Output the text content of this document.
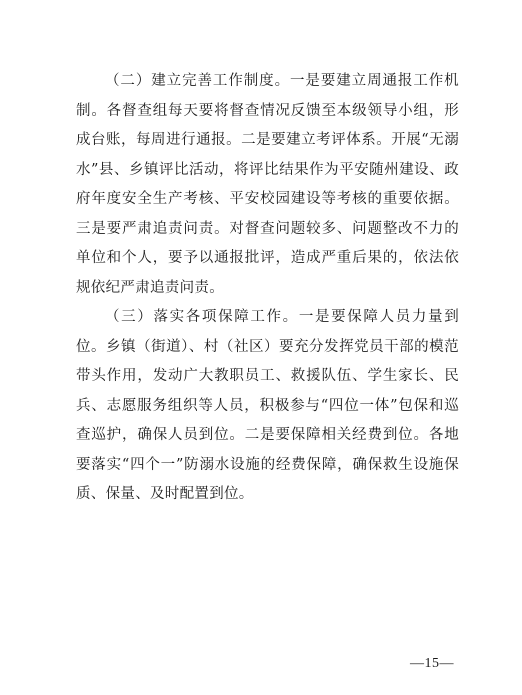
（二）建立完善工作制度。一是要建立周通报工作机制。各督查组每天要将督查情况反馈至本级领导小组，形成台账，每周进行通报。二是要建立考评体系。开展“无溺水”县、乡镇评比活动，将评比结果作为平安随州建设、政府年度安全生产考核、平安校园建设等考核的重要依据。三是要严肃追责问责。对督查问题较多、问题整改不力的单位和个人，要予以通报批评，造成严重后果的，依法依规依纪严肃追责问责。

（三）落实各项保障工作。一是要保障人员力量到位。乡镇（街道）、村（社区）要充分发挥党员干部的模范带头作用，发动广大教职员工、救援队伍、学生家长、民兵、志愿服务组织等人员，积极参与“四位一体”包保和巡查巡护，确保人员到位。二是要保障相关经费到位。各地要落实“四个一”防溺水设施的经费保障，确保救生设施保质、保量、及时配置到位。

—15—
